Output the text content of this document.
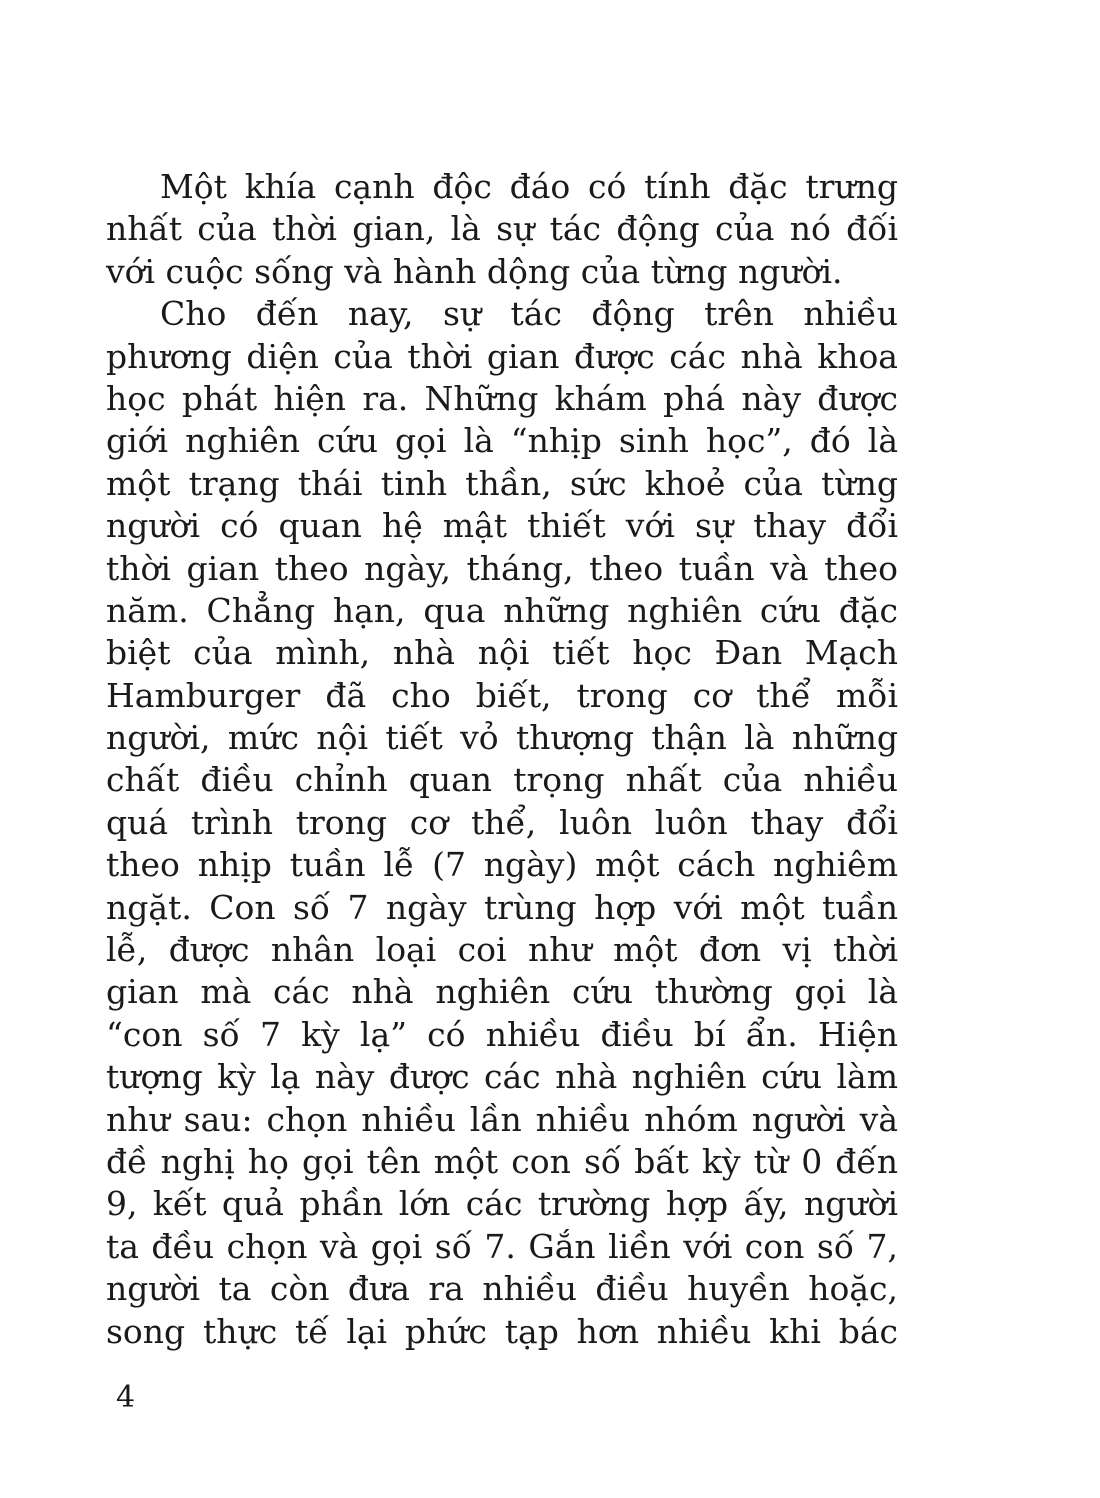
Một khía cạnh độc đáo có tính đặc trưng
nhất của thời gian, là sự tác động của nó đối
với cuộc sống và hành dộng của từng người.
Cho đến nay, sự tác động trên nhiều
phương diện của thời gian được các nhà khoa
học phát hiện ra. Những khám phá này được
giới nghiên cứu gọi là “nhịp sinh học”, đó là
một trạng thái tinh thần, sức khoẻ của từng
người có quan hệ mật thiết với sự thay đổi
thời gian theo ngày, tháng, theo tuần và theo
năm. Chẳng hạn, qua những nghiên cứu đặc
biệt của mình, nhà nội tiết học Đan Mạch
Hamburger đã cho biết, trong cơ thể mỗi
người, mức nội tiết vỏ thượng thận là những
chất điều chỉnh quan trọng nhất của nhiều
quá trình trong cơ thể, luôn luôn thay đổi
theo nhịp tuần lễ (7 ngày) một cách nghiêm
ngặt. Con số 7 ngày trùng hợp với một tuần
lễ, được nhân loại coi như một đơn vị thời
gian mà các nhà nghiên cứu thường gọi là
“con số 7 kỳ lạ” có nhiều điều bí ẩn. Hiện
tượng kỳ lạ này được các nhà nghiên cứu làm
như sau: chọn nhiều lần nhiều nhóm người và
đề nghị họ gọi tên một con số bất kỳ từ 0 đến
9, kết quả phần lớn các trường hợp ấy, người
ta đều chọn và gọi số 7. Gắn liền với con số 7,
người ta còn đưa ra nhiều điều huyền hoặc,
song thực tế lại phức tạp hơn nhiều khi bác
4
